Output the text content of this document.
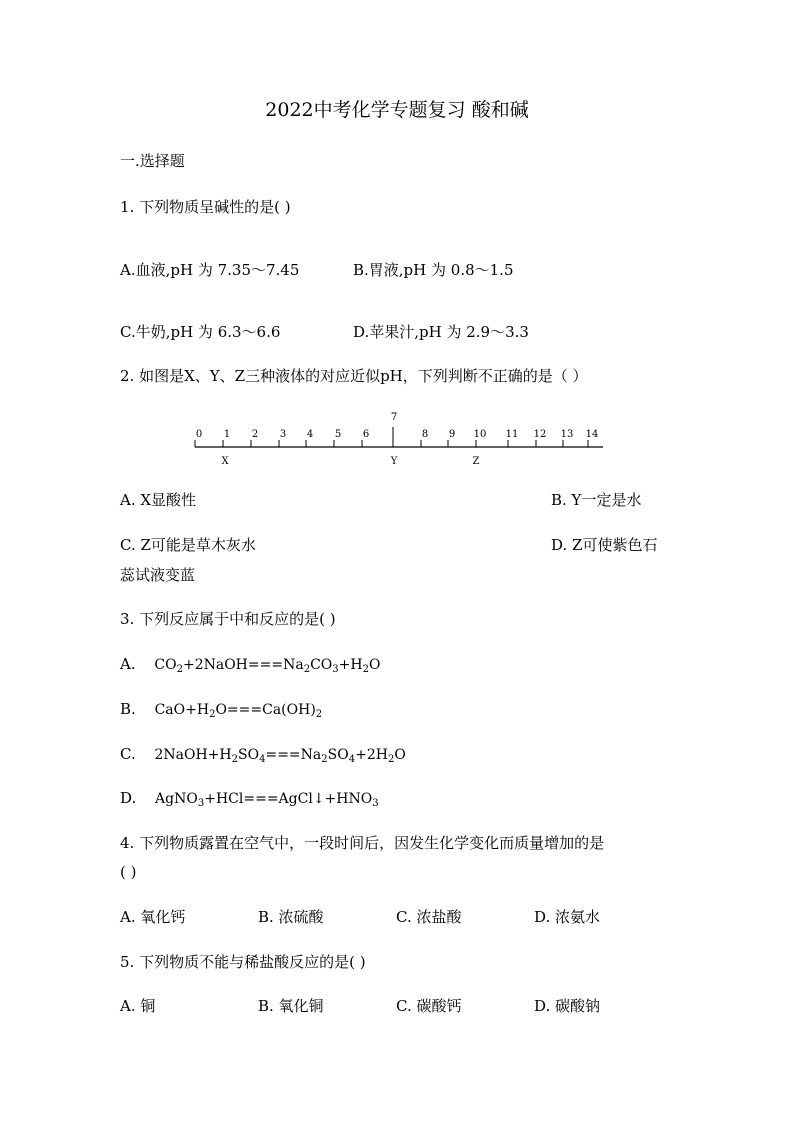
2022中考化学专题复习 酸和碱
一.选择题
1. 下列物质呈碱性的是( )
A.血液,pH 为 7.35～7.45	B.胃液,pH 为 0.8～1.5
C.牛奶,pH 为 6.3～6.6	D.苹果汁,pH 为 2.9～3.3
2. 如图是X、Y、Z三种液体的对应近似pH，下列判断不正确的是（ ）
0 1 2 3 4 5 6
7
8 9 10 11 12 13 14
X	Y	Z
A. X显酸性	B. Y一定是水
C. Z可能是草木灰水	D. Z可使紫色石
蕊试液变蓝
3. 下列反应属于中和反应的是( )
A. $CO_2+2NaOH===Na_2CO_3+H_2O$
B. $CaO+H_2O===Ca(OH)_2$
C. $2NaOH+H_2SO_4===Na_2SO_4+2H_2O$
D. $AgNO_3+HCl===AgCl↓+HNO_3$
4. 下列物质露置在空气中，一段时间后，因发生化学变化而质量增加的是
( )
A. 氧化钙	B. 浓硫酸	C. 浓盐酸	D. 浓氨水
5. 下列物质不能与稀盐酸反应的是( )
A. 铜	B. 氧化铜	C. 碳酸钙	D. 碳酸钠
